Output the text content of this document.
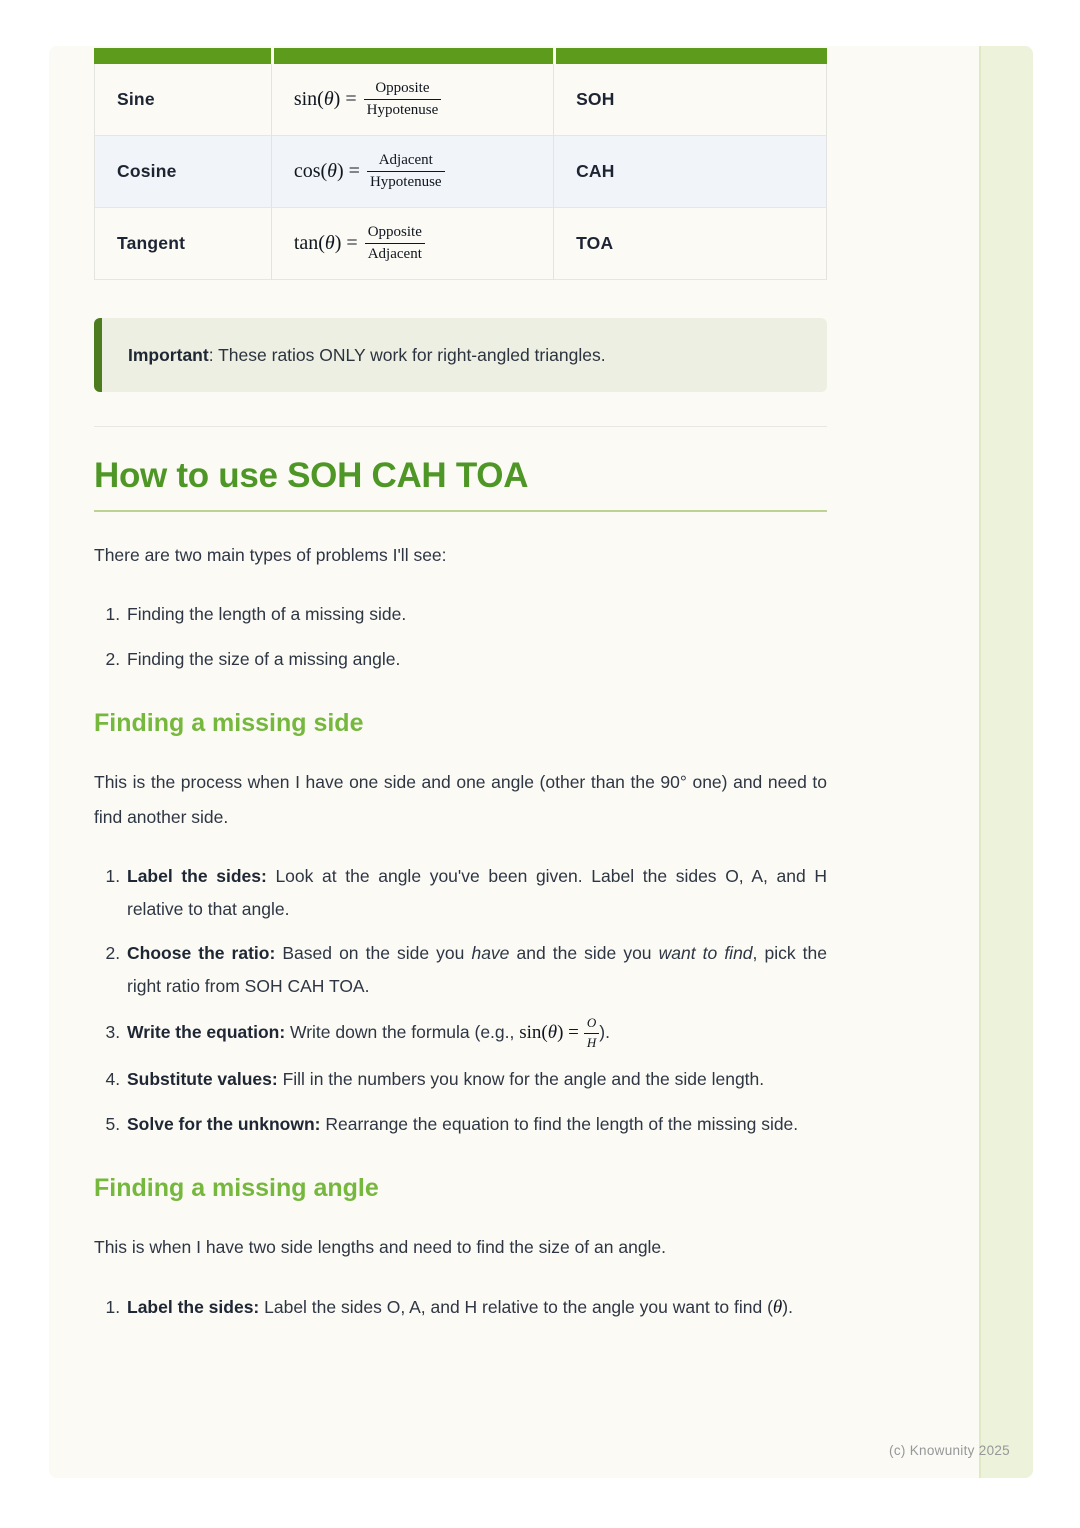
Sine	$\sin(\theta) = \frac{\text{Opposite}}{\text{Hypotenuse}}$	SOH
Cosine	$\cos(\theta) = \frac{\text{Adjacent}}{\text{Hypotenuse}}$	CAH
Tangent	$\tan(\theta) = \frac{\text{Opposite}}{\text{Adjacent}}$	TOA
Important: These ratios ONLY work for right-angled triangles.
How to use SOH CAH TOA

There are two main types of problems I'll see:

1. Finding the length of a missing side.
2. Finding the size of a missing angle.
Finding a missing side

This is the process when I have one side and one angle (other than the 90° one) and need to find another side.

1. Label the sides: Look at the angle you've been given. Label the sides O, A, and H relative to that angle.
2. Choose the ratio: Based on the side you have and the side you want to find, pick the right ratio from SOH CAH TOA.
3. Write the equation: Write down the formula (e.g., $\sin(\theta) = \frac{O}{H}$ ).
4. Substitute values: Fill in the numbers you know for the angle and the side length.
5. Solve for the unknown: Rearrange the equation to find the length of the missing side.
Finding a missing angle

This is when I have two side lengths and need to find the size of an angle.

1. Label the sides: Label the sides O, A, and H relative to the angle you want to find ( θ ).
(c) Knowunity 2025
